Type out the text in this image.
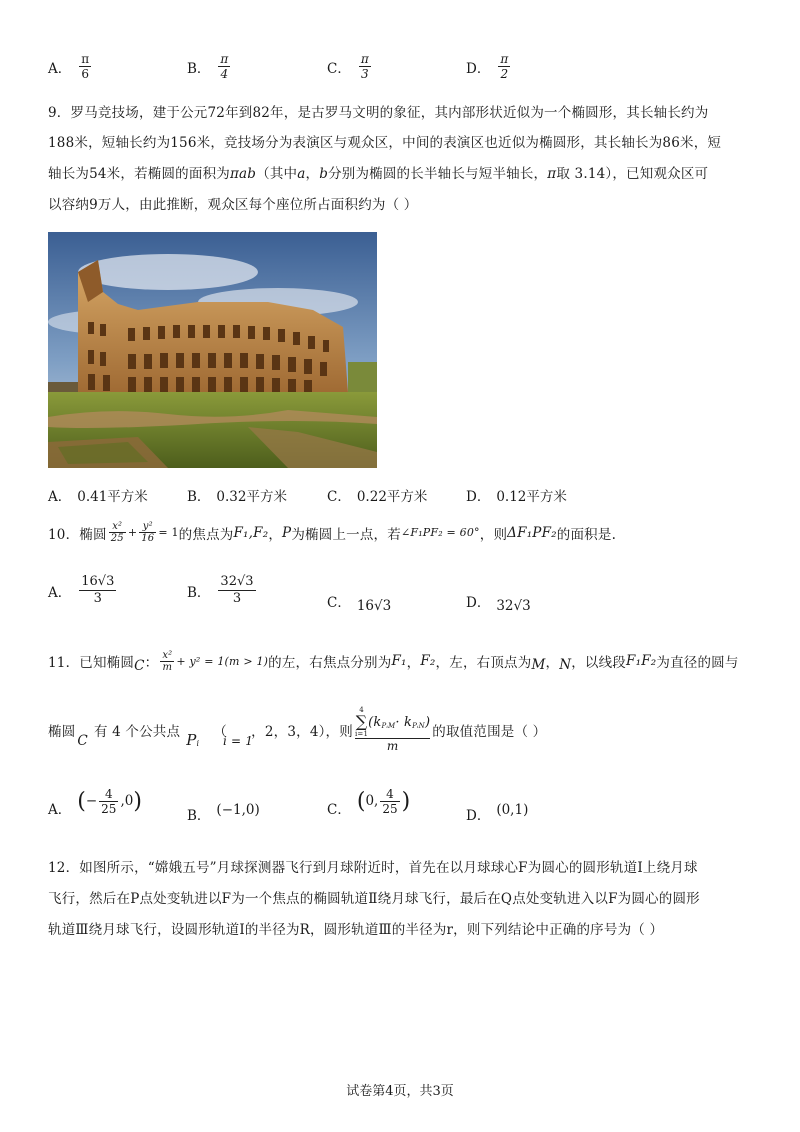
A． $\frac{\pi}{6}$	B． $\frac{\pi}{4}$	C． $\frac{\pi}{3}$	D． $\frac{\pi}{2}$
9．罗马竞技场，建于公元72年到82年，是古罗马文明的象征，其内部形状近似为一个椭圆形，其长轴长约为
188米，短轴长约为156米，竞技场分为表演区与观众区，中间的表演区也近似为椭圆形，其长轴长为86米，短
轴长为54米，若椭圆的面积为πab（其中a，b分别为椭圆的长半轴长与短半轴长，π取 3.14），已知观众区可
以容纳9万人，由此推断，观众区每个座位所占面积约为（ ）
A． 0.41平方米	B． 0.32平方米	C． 0.22平方米	D． 0.12平方米
10．椭圆 $\frac{\text{x²}}{25} + \frac{\text{y²}}{16} = 1$ 的焦点为 F₁,F₂ ， P 为椭圆上一点，若 ∠F₁PF₂ = 60° ，则 ΔF₁PF₂ 的面积是.
A． $\frac{16√3}{3}$	B． $\frac{32√3}{3}$	C． 16√3	D． 32√3
11．已知椭圆 C ： $\frac{\text{x²}}{m} + y^2 = 1(m > 1)$ 的左，右焦点分别为 F₁ ， F₂ ，左，右顶点为 M ， N ，以线段 F₁F₂ 为直径的圆与
椭圆
C
有 4 个公共点 P i
（
i = 1
，2，3，4），则
4
∑
i=1
(k PᵢM · k PᵢN )
m
的取值范围是（ ）
A． ( − $\frac{4}{25} ,0$ )
B． (−1,0)	C． ( 0, $\frac{4}{25}$ )
D． (0,1)
12．如图所示，“嫦娥五号”月球探测器飞行到月球附近时，首先在以月球球心F为圆心的圆形轨道Ⅰ上绕月球
飞行，然后在P点处变轨进以F为一个焦点的椭圆轨道Ⅱ绕月球飞行，最后在Q点处变轨进入以F为圆心的圆形
轨道Ⅲ绕月球飞行，设圆形轨道Ⅰ的半径为R，圆形轨道Ⅲ的半径为r，则下列结论中正确的序号为（ ）
试卷第4页，共3页
